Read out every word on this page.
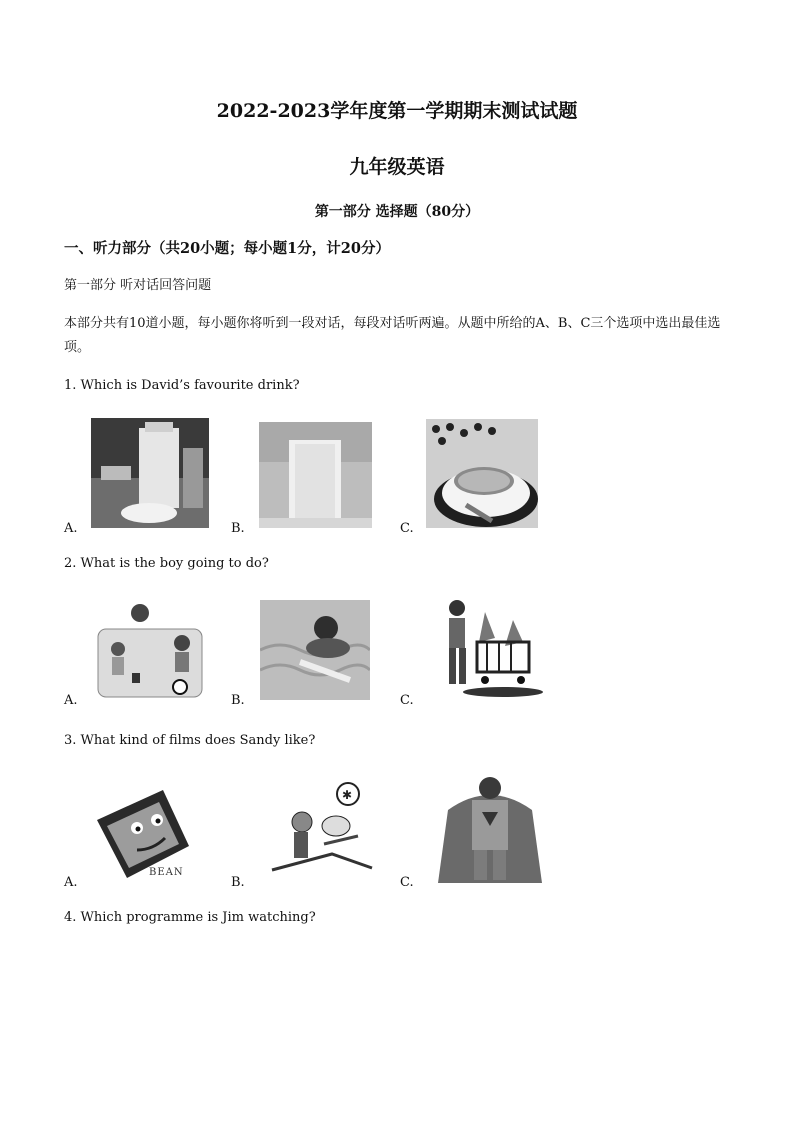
2022-2023学年度第一学期期末测试试题
九年级英语
第一部分 选择题（80分）
一、听力部分（共20小题；每小题1分，计20分）
第一部分 听对话回答问题
本部分共有10道小题，每小题你将听到一段对话，每段对话听两遍。从题中所给的A、B、C三个选项中选出最佳选项。
1. Which is David’s favourite drink?
A.	B.	C.
2. What is the boy going to do?
A.	B.	C.
3. What kind of films does Sandy like?
A.
BEAN
B.
✱
C.
4. Which programme is Jim watching?
